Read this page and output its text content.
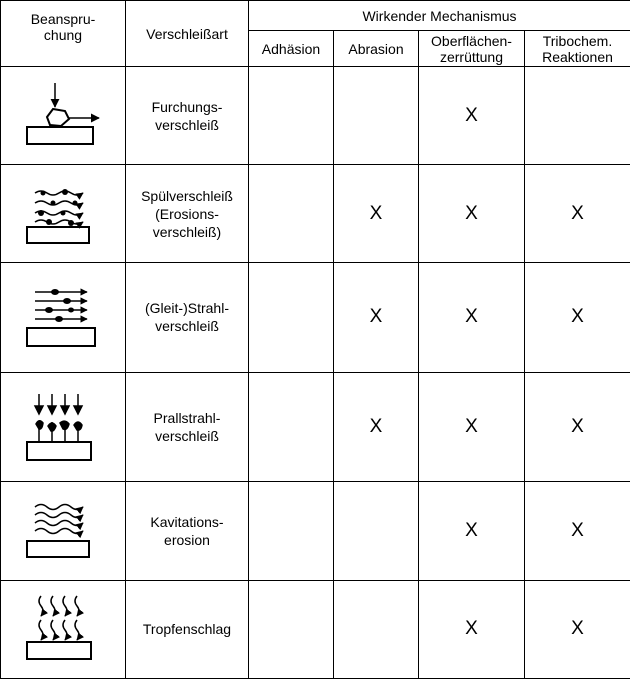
Beanspru-
chung	Verschleißart	Wirkender Mechanismus			

		Adhäsion	Abrasion	Oberflächen-
zerrüttung	Tribochem.
Reaktionen

Furchungs-
verschleiß			X	

Spülverschleiß
(Erosions-
verschleiß)		X	X	X

(Gleit-)Strahl-
verschleiß		X	X	X

Prallstrahl-
verschleiß		X	X	X

Kavitations-
erosion			X	X

Tropfenschlag			X	X
